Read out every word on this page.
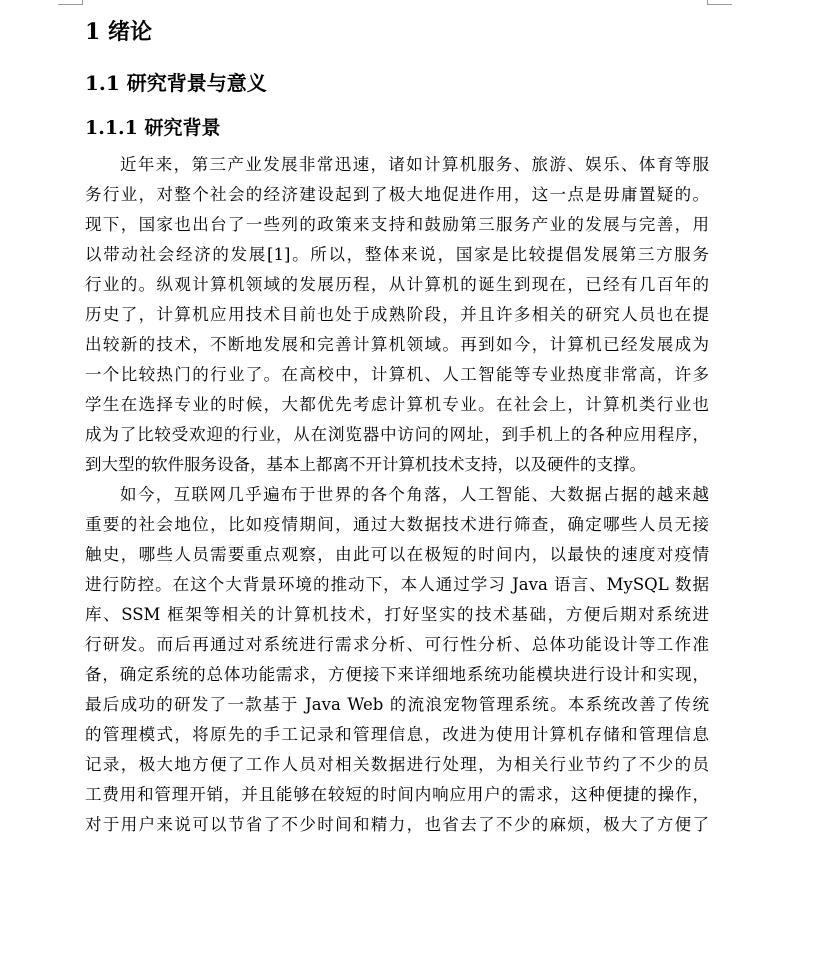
1 绪论
1.1 研究背景与意义
1.1.1 研究背景
近年来，第三产业发展非常迅速，诸如计算机服务、旅游、娱乐、体育等服
务行业，对整个社会的经济建设起到了极大地促进作用，这一点是毋庸置疑的。
现下，国家也出台了一些列的政策来支持和鼓励第三服务产业的发展与完善，用
以带动社会经济的发展[1]。所以，整体来说，国家是比较提倡发展第三方服务
行业的。纵观计算机领域的发展历程，从计算机的诞生到现在，已经有几百年的
历史了，计算机应用技术目前也处于成熟阶段，并且许多相关的研究人员也在提
出较新的技术，不断地发展和完善计算机领域。再到如今，计算机已经发展成为
一个比较热门的行业了。在高校中，计算机、人工智能等专业热度非常高，许多
学生在选择专业的时候，大都优先考虑计算机专业。在社会上，计算机类行业也
成为了比较受欢迎的行业，从在浏览器中访问的网址，到手机上的各种应用程序，
到大型的软件服务设备，基本上都离不开计算机技术支持，以及硬件的支撑。
如今，互联网几乎遍布于世界的各个角落，人工智能、大数据占据的越来越
重要的社会地位，比如疫情期间，通过大数据技术进行筛查，确定哪些人员无接
触史，哪些人员需要重点观察，由此可以在极短的时间内，以最快的速度对疫情
进行防控。在这个大背景环境的推动下，本人通过学习 Java 语言、MySQL 数据
库、SSM 框架等相关的计算机技术，打好坚实的技术基础，方便后期对系统进
行研发。而后再通过对系统进行需求分析、可行性分析、总体功能设计等工作准
备，确定系统的总体功能需求，方便接下来详细地系统功能模块进行设计和实现，
最后成功的研发了一款基于 Java Web 的流浪宠物管理系统。本系统改善了传统
的管理模式，将原先的手工记录和管理信息，改进为使用计算机存储和管理信息
记录，极大地方便了工作人员对相关数据进行处理，为相关行业节约了不少的员
工费用和管理开销，并且能够在较短的时间内响应用户的需求，这种便捷的操作，
对于用户来说可以节省了不少时间和精力，也省去了不少的麻烦，极大了方便了
